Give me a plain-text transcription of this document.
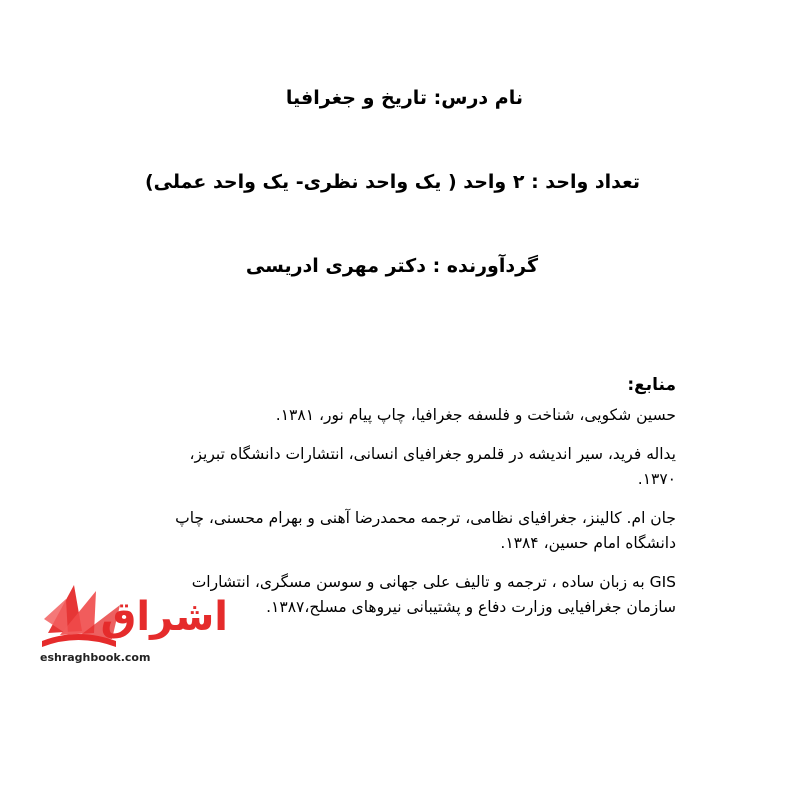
نام درس: تاریخ و جغرافیا
تعداد واحد : ۲ واحد ( یک واحد نظری- یک واحد عملی)
گردآورنده : دکتر مهری ادریسی
منابع:
حسین شکویی، شناخت و فلسفه جغرافیا، چاپ پیام نور، ۱۳۸۱.
یداله فرید، سیر اندیشه در قلمرو جغرافیای انسانی، انتشارات دانشگاه تبریز، ۱۳۷۰.
جان ام. کالینز، جغرافیای نظامی، ترجمه محمدرضا آهنی و بهرام محسنی، چاپ دانشگاه امام حسین، ۱۳۸۴.
GIS به زبان ساده ، ترجمه و تالیف علی جهانی و سوسن مسگری، انتشارات سازمان جغرافیایی وزارت دفاع و پشتیبانی نیروهای مسلح،۱۳۸۷.
اشراق
eshraghbook.com
